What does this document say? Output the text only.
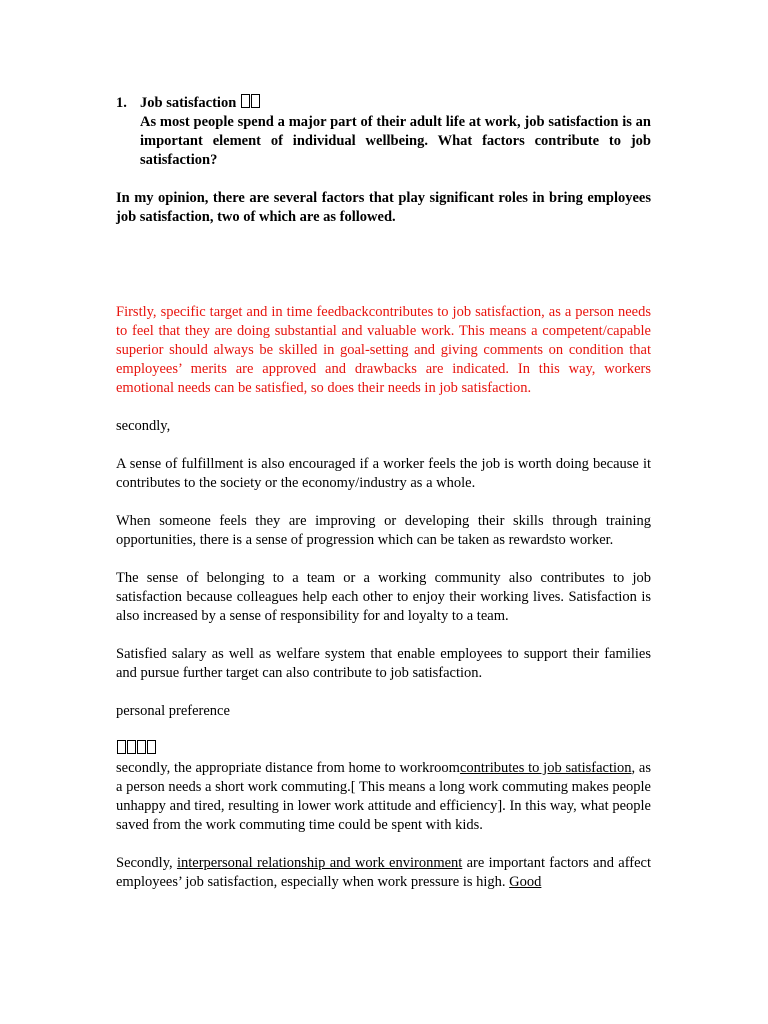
1. Job satisfaction

As most people spend a major part of their adult life at work, job satisfaction is an important element of individual wellbeing. What factors contribute to job satisfaction?

In my opinion, there are several factors that play significant roles in bring employees job satisfaction, two of which are as followed.

Firstly, specific target and in time feedbackcontributes to job satisfaction, as a person needs to feel that they are doing substantial and valuable work. This means a competent/capable superior should always be skilled in goal-setting and giving comments on condition that employees’ merits are approved and drawbacks are indicated. In this way, workers emotional needs can be satisfied, so does their needs in job satisfaction.

secondly,

A sense of fulfillment is also encouraged if a worker feels the job is worth doing because it contributes to the society or the economy/industry as a whole.

When someone feels they are improving or developing their skills through training opportunities, there is a sense of progression which can be taken as rewardsto worker.

The sense of belonging to a team or a working community also contributes to job satisfaction because colleagues help each other to enjoy their working lives. Satisfaction is also increased by a sense of responsibility for and loyalty to a team.

Satisfied salary as well as welfare system that enable employees to support their families and pursue further target can also contribute to job satisfaction.

personal preference

secondly, the appropriate distance from home to workroomcontributes to job satisfaction, as a person needs a short work commuting.[ This means a long work commuting makes people unhappy and tired, resulting in lower work attitude and efficiency]. In this way, what people saved from the work commuting time could be spent with kids.

Secondly, interpersonal relationship and work environment are important factors and affect employees’ job satisfaction, especially when work pressure is high. Good
